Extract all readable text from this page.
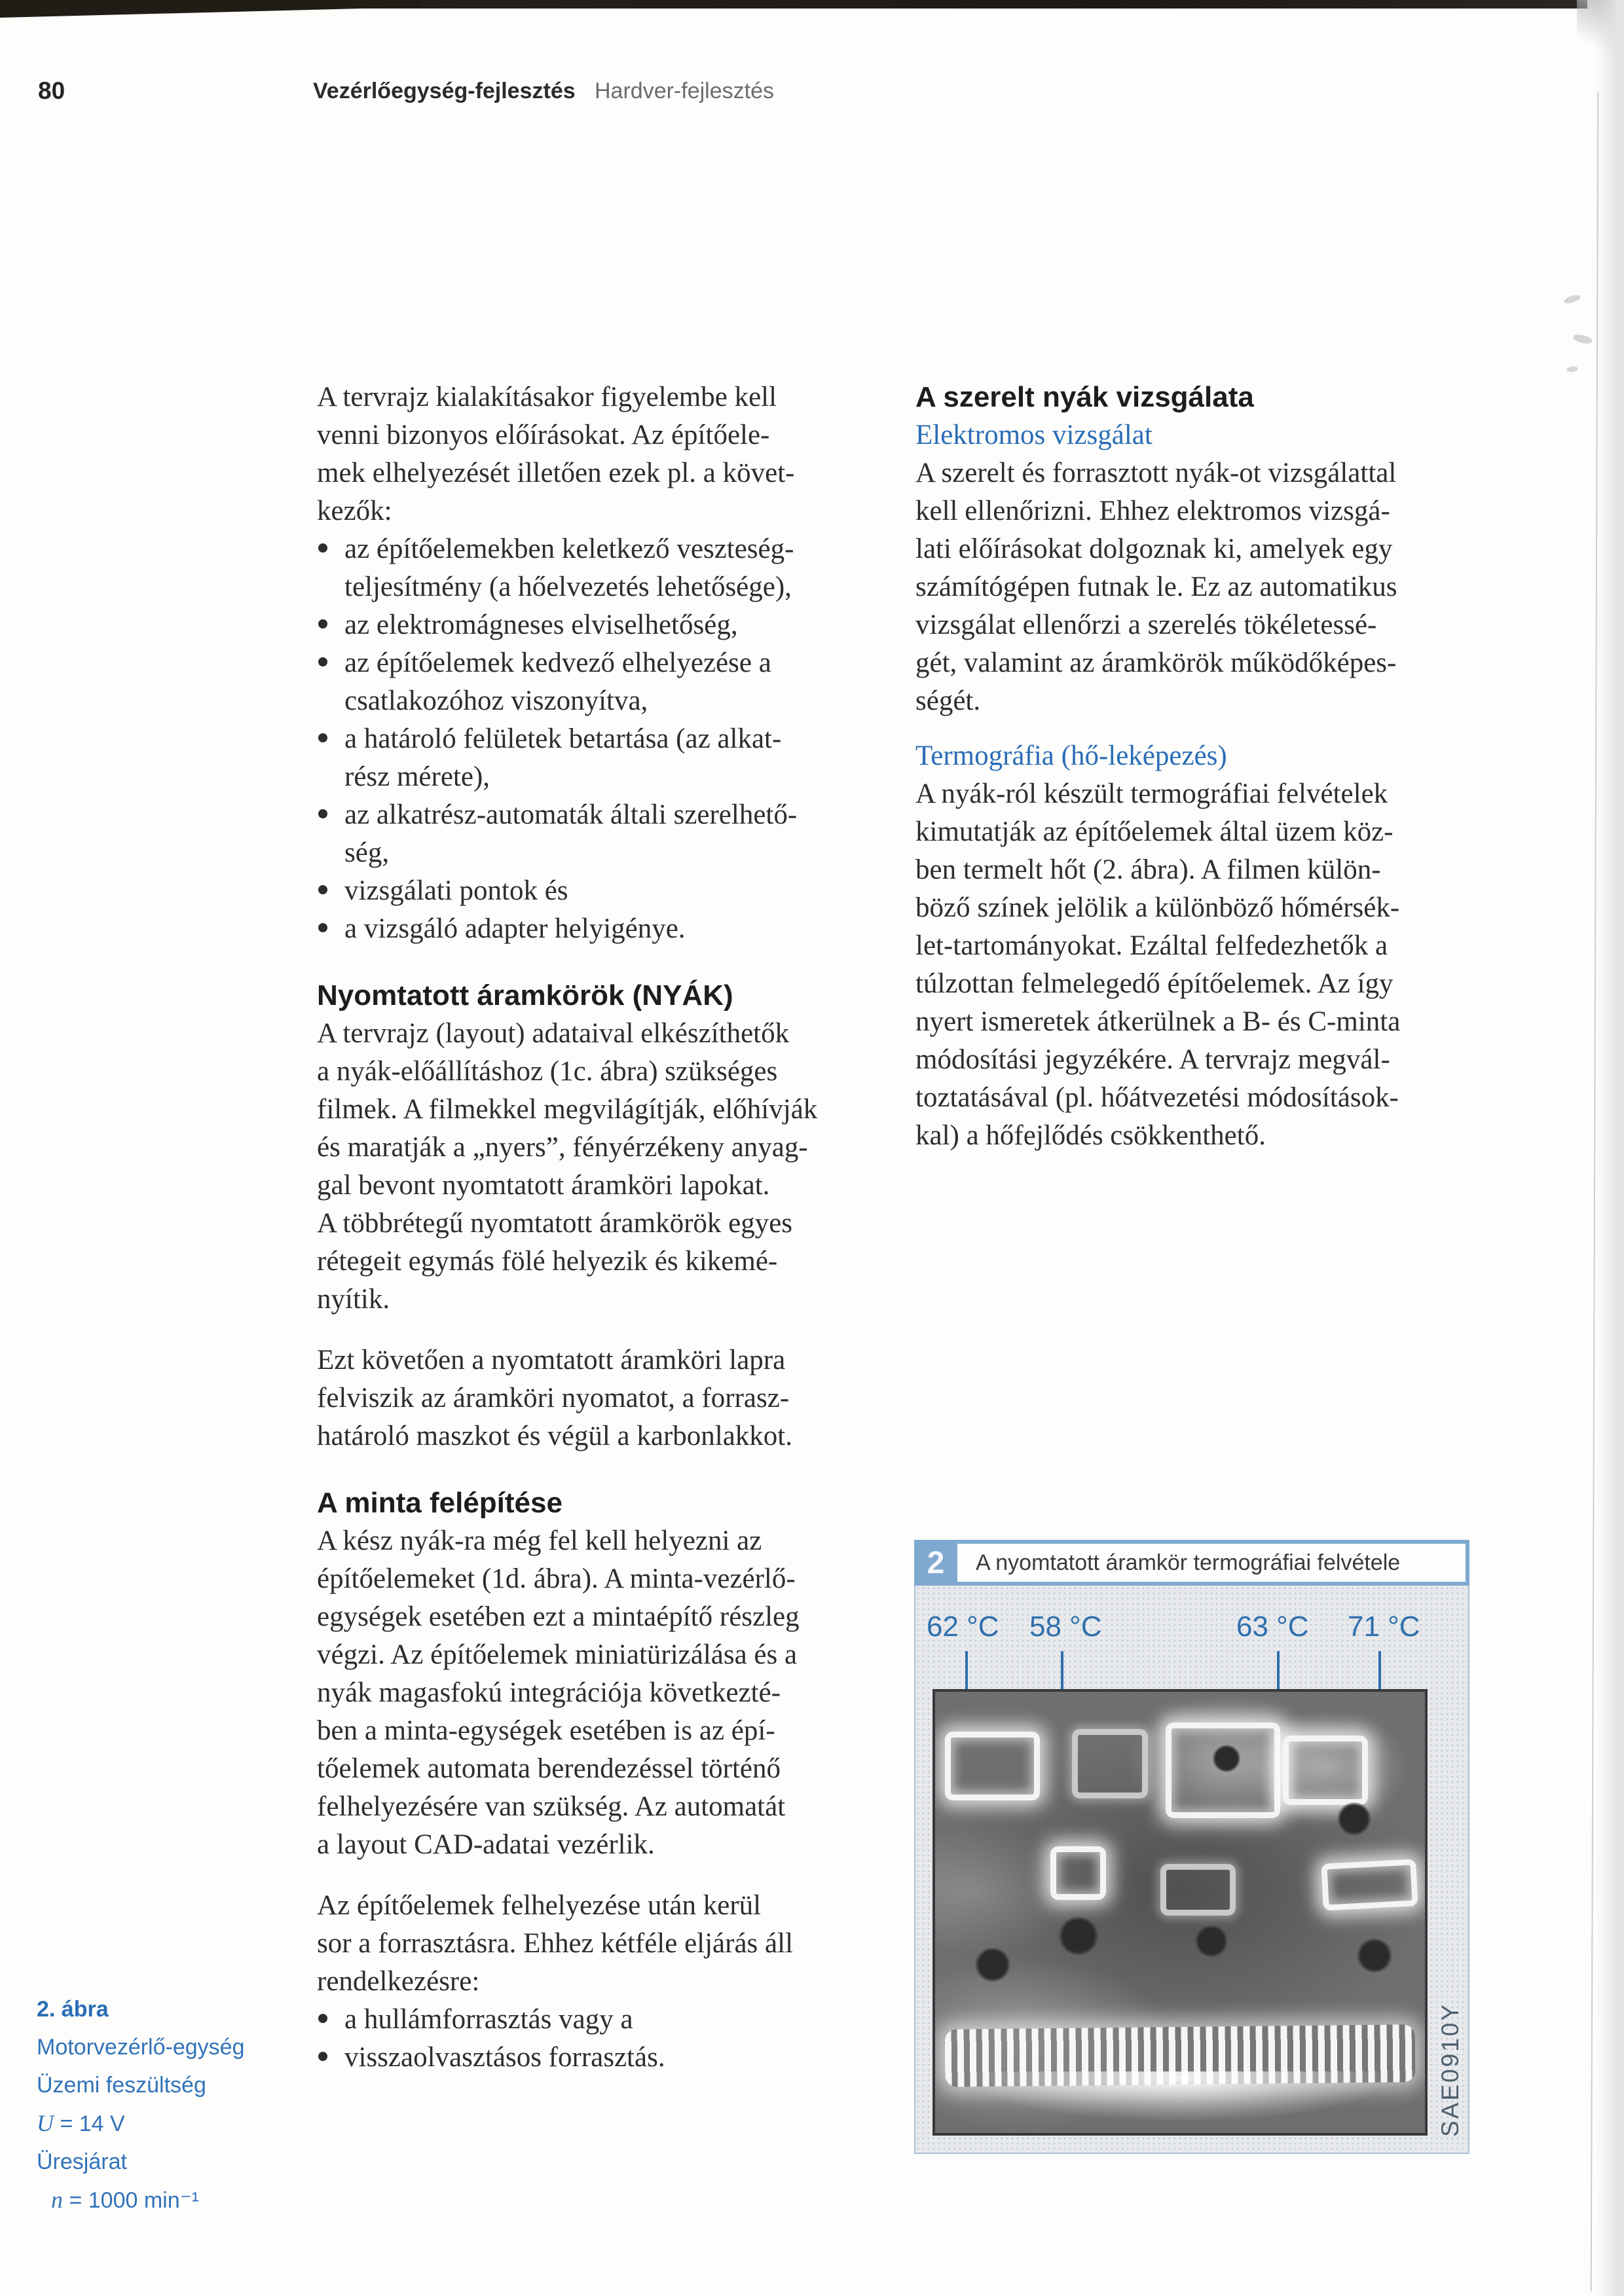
80	Vezérlőegység-fejlesztés Hardver-fejlesztés
A tervrajz kialakításakor figyelembe kell
venni bizonyos előírásokat. Az építőele-
mek elhelyezését illetően ezek pl. a követ-
kezők:
az építőelemekben keletkező veszteség-
teljesítmény (a hőelvezetés lehetősége),
az elektromágneses elviselhetőség,
az építőelemek kedvező elhelyezése a
csatlakozóhoz viszonyítva,
a határoló felületek betartása (az alkat-
rész mérete),
az alkatrész-automaták általi szerelhető-
ség,
vizsgálati pontok és
a vizsgáló adapter helyigénye.
Nyomtatott áramkörök (NYÁK)
A tervrajz (layout) adataival elkészíthetők
a nyák-előállításhoz (1c. ábra) szükséges
filmek. A filmekkel megvilágítják, előhívják
és maratják a „nyers”, fényérzékeny anyag-
gal bevont nyomtatott áramköri lapokat.
A többrétegű nyomtatott áramkörök egyes
rétegeit egymás fölé helyezik és kikemé-
nyítik.
Ezt követően a nyomtatott áramköri lapra
felviszik az áramköri nyomatot, a forrasz-
határoló maszkot és végül a karbonlakkot.
A minta felépítése
A kész nyák-ra még fel kell helyezni az
építőelemeket (1d. ábra). A minta-vezérlő-
egységek esetében ezt a mintaépítő részleg
végzi. Az építőelemek miniatürizálása és a
nyák magasfokú integrációja következté-
ben a minta-egységek esetében is az épí-
tőelemek automata berendezéssel történő
felhelyezésére van szükség. Az automatát
a layout CAD-adatai vezérlik.
Az építőelemek felhelyezése után kerül
sor a forrasztásra. Ehhez kétféle eljárás áll
rendelkezésre:
a hullámforrasztás vagy a
visszaolvasztásos forrasztás.
A szerelt nyák vizsgálata
Elektromos vizsgálat
A szerelt és forrasztott nyák-ot vizsgálattal
kell ellenőrizni. Ehhez elektromos vizsgá-
lati előírásokat dolgoznak ki, amelyek egy
számítógépen futnak le. Ez az automatikus
vizsgálat ellenőrzi a szerelés tökéletessé-
gét, valamint az áramkörök működőképes-
ségét.
Termográfia (hő-leképezés)
A nyák-ról készült termográfiai felvételek
kimutatják az építőelemek által üzem köz-
ben termelt hőt (2. ábra). A filmen külön-
böző színek jelölik a különböző hőmérsék-
let-tartományokat. Ezáltal felfedezhetők a
túlzottan felmelegedő építőelemek. Az így
nyert ismeretek átkerülnek a B- és C-minta
módosítási jegyzékére. A tervrajz megvál-
toztatásával (pl. hőátvezetési módosítások-
kal) a hőfejlődés csökkenthető.
2. ábra
Motorvezérlő-egység
Üzemi feszültség
U = 14 V
Üresjárat
n = 1000 min⁻¹
2	A nyomtatott áramkör termográfiai felvétele
62 °C 58 °C	63 °C 71 °C
SAE0910Y
